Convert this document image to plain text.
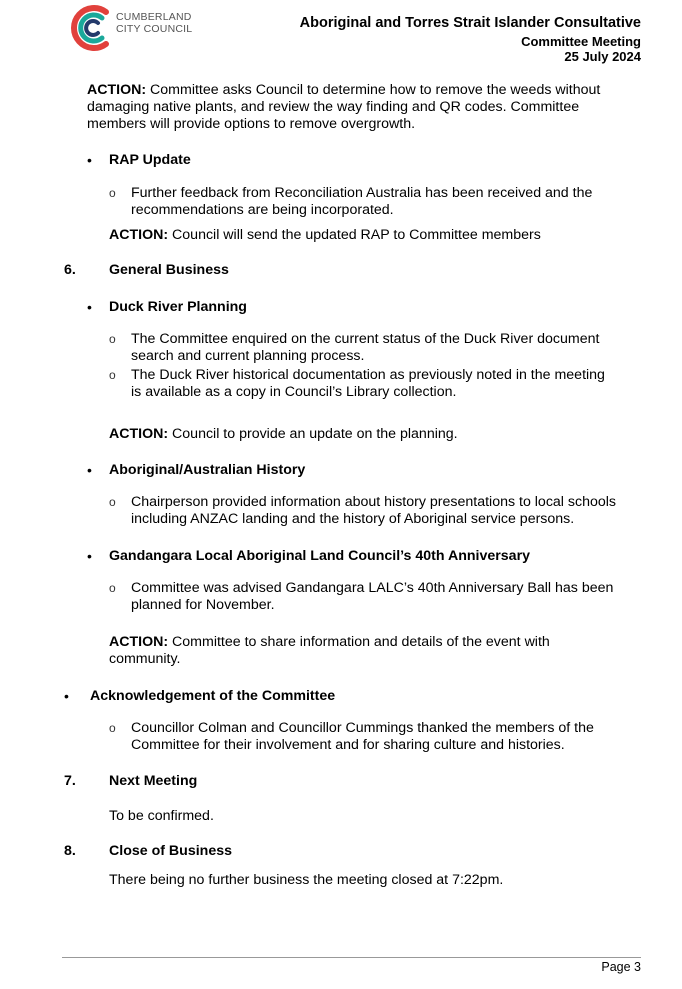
CUMBERLAND
CITY COUNCIL	Aboriginal and Torres Strait Islander Consultative
Committee Meeting
25 July 2024
ACTION: Committee asks Council to determine how to remove the weeds without
damaging native plants, and review the way finding and QR codes. Committee
members will provide options to remove overgrowth.
• RAP Update
o Further feedback from Reconciliation Australia has been received and the
recommendations are being incorporated.
ACTION: Council will send the updated RAP to Committee members
6. General Business
• Duck River Planning
o The Committee enquired on the current status of the Duck River document
search and current planning process.
o The Duck River historical documentation as previously noted in the meeting
is available as a copy in Council’s Library collection.
ACTION: Council to provide an update on the planning.
• Aboriginal/Australian History
o Chairperson provided information about history presentations to local schools
including ANZAC landing and the history of Aboriginal service persons.
• Gandangara Local Aboriginal Land Council’s 40th Anniversary
o Committee was advised Gandangara LALC’s 40th Anniversary Ball has been
planned for November.
ACTION: Committee to share information and details of the event with
community.
• Acknowledgement of the Committee
o Councillor Colman and Councillor Cummings thanked the members of the
Committee for their involvement and for sharing culture and histories.
7. Next Meeting
To be confirmed.
8. Close of Business
There being no further business the meeting closed at 7:22pm.
Page 3
